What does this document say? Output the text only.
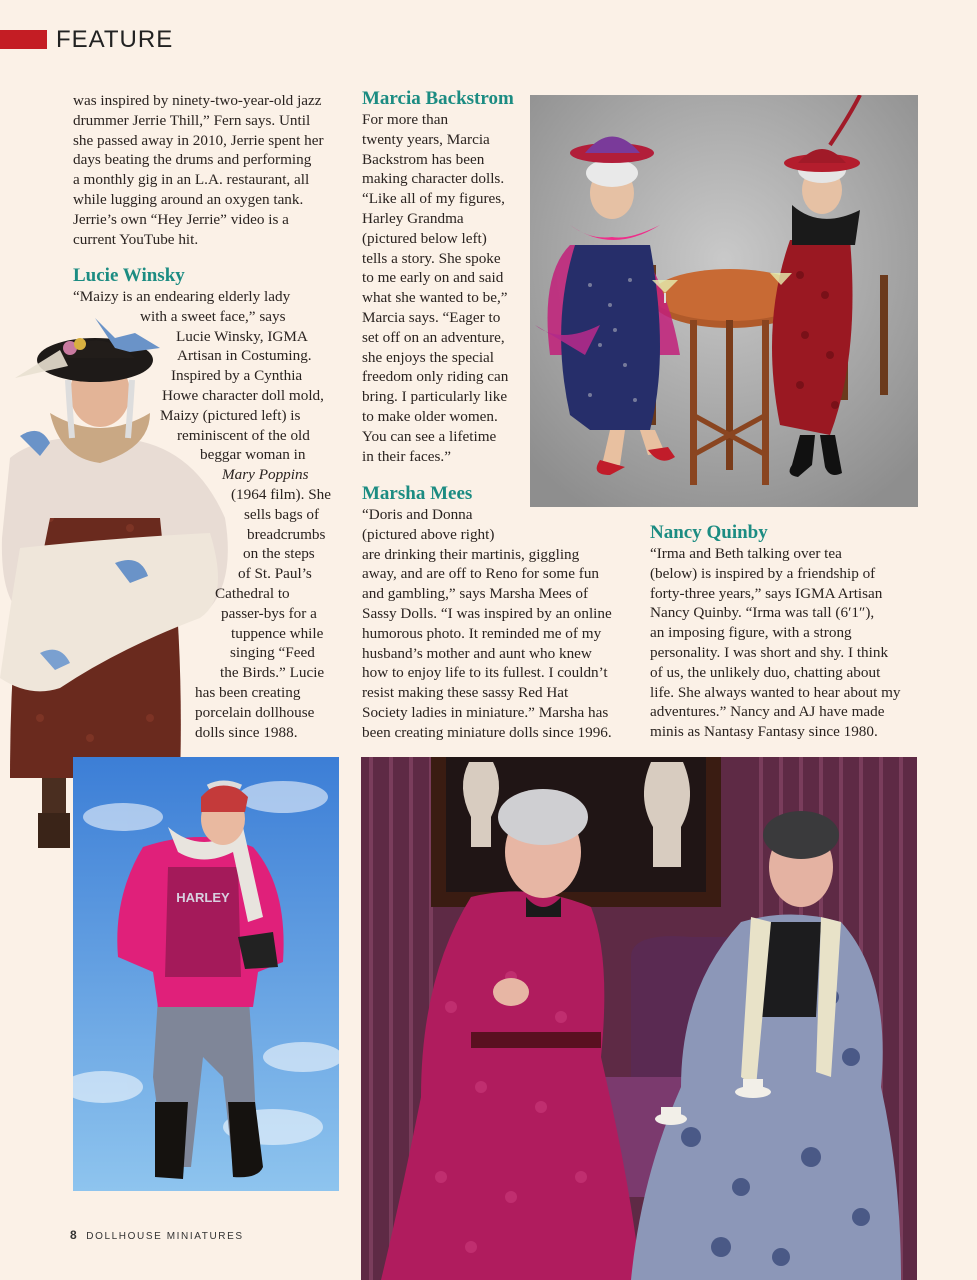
FEATURE
HARLEY
was inspired by ninety-two-year-old jazz
drummer Jerrie Thill,” Fern says. Until
she passed away in 2010, Jerrie spent her
days beating the drums and performing
a monthly gig in an L.A. restaurant, all
while lugging around an oxygen tank.
Jerrie’s own “Hey Jerrie” video is a
current YouTube hit.
Lucie Winsky
“Maizy is an endearing elderly lady
with a sweet face,” says
Lucie Winsky, IGMA
Artisan in Costuming.
Inspired by a Cynthia
Howe character doll mold,
Maizy (pictured left) is
reminiscent of the old
beggar woman in
Mary Poppins
(1964 film). She
sells bags of
breadcrumbs
on the steps
of St. Paul’s
Cathedral to
passer-bys for a
tuppence while
singing “Feed
the Birds.” Lucie
has been creating
porcelain dollhouse
dolls since 1988.
Marcia Backstrom
For more than
twenty years, Marcia
Backstrom has been
making character dolls.
“Like all of my figures,
Harley Grandma
(pictured below left)
tells a story. She spoke
to me early on and said
what she wanted to be,”
Marcia says. “Eager to
set off on an adventure,
she enjoys the special
freedom only riding can
bring. I particularly like
to make older women.
You can see a lifetime
in their faces.”
Marsha Mees
“Doris and Donna
(pictured above right)
are drinking their martinis, giggling
away, and are off to Reno for some fun
and gambling,” says Marsha Mees of
Sassy Dolls. “I was inspired by an online
humorous photo. It reminded me of my
husband’s mother and aunt who knew
how to enjoy life to its fullest. I couldn’t
resist making these sassy Red Hat
Society ladies in miniature.” Marsha has
been creating miniature dolls since 1996.
Nancy Quinby
“Irma and Beth talking over tea
(below) is inspired by a friendship of
forty-three years,” says IGMA Artisan
Nancy Quinby. “Irma was tall (6′1″),
an imposing figure, with a strong
personality. I was short and shy. I think
of us, the unlikely duo, chatting about
life. She always wanted to hear about my
adventures.” Nancy and AJ have made
minis as Nantasy Fantasy since 1980.
8 DOLLHOUSE MINIATURES
